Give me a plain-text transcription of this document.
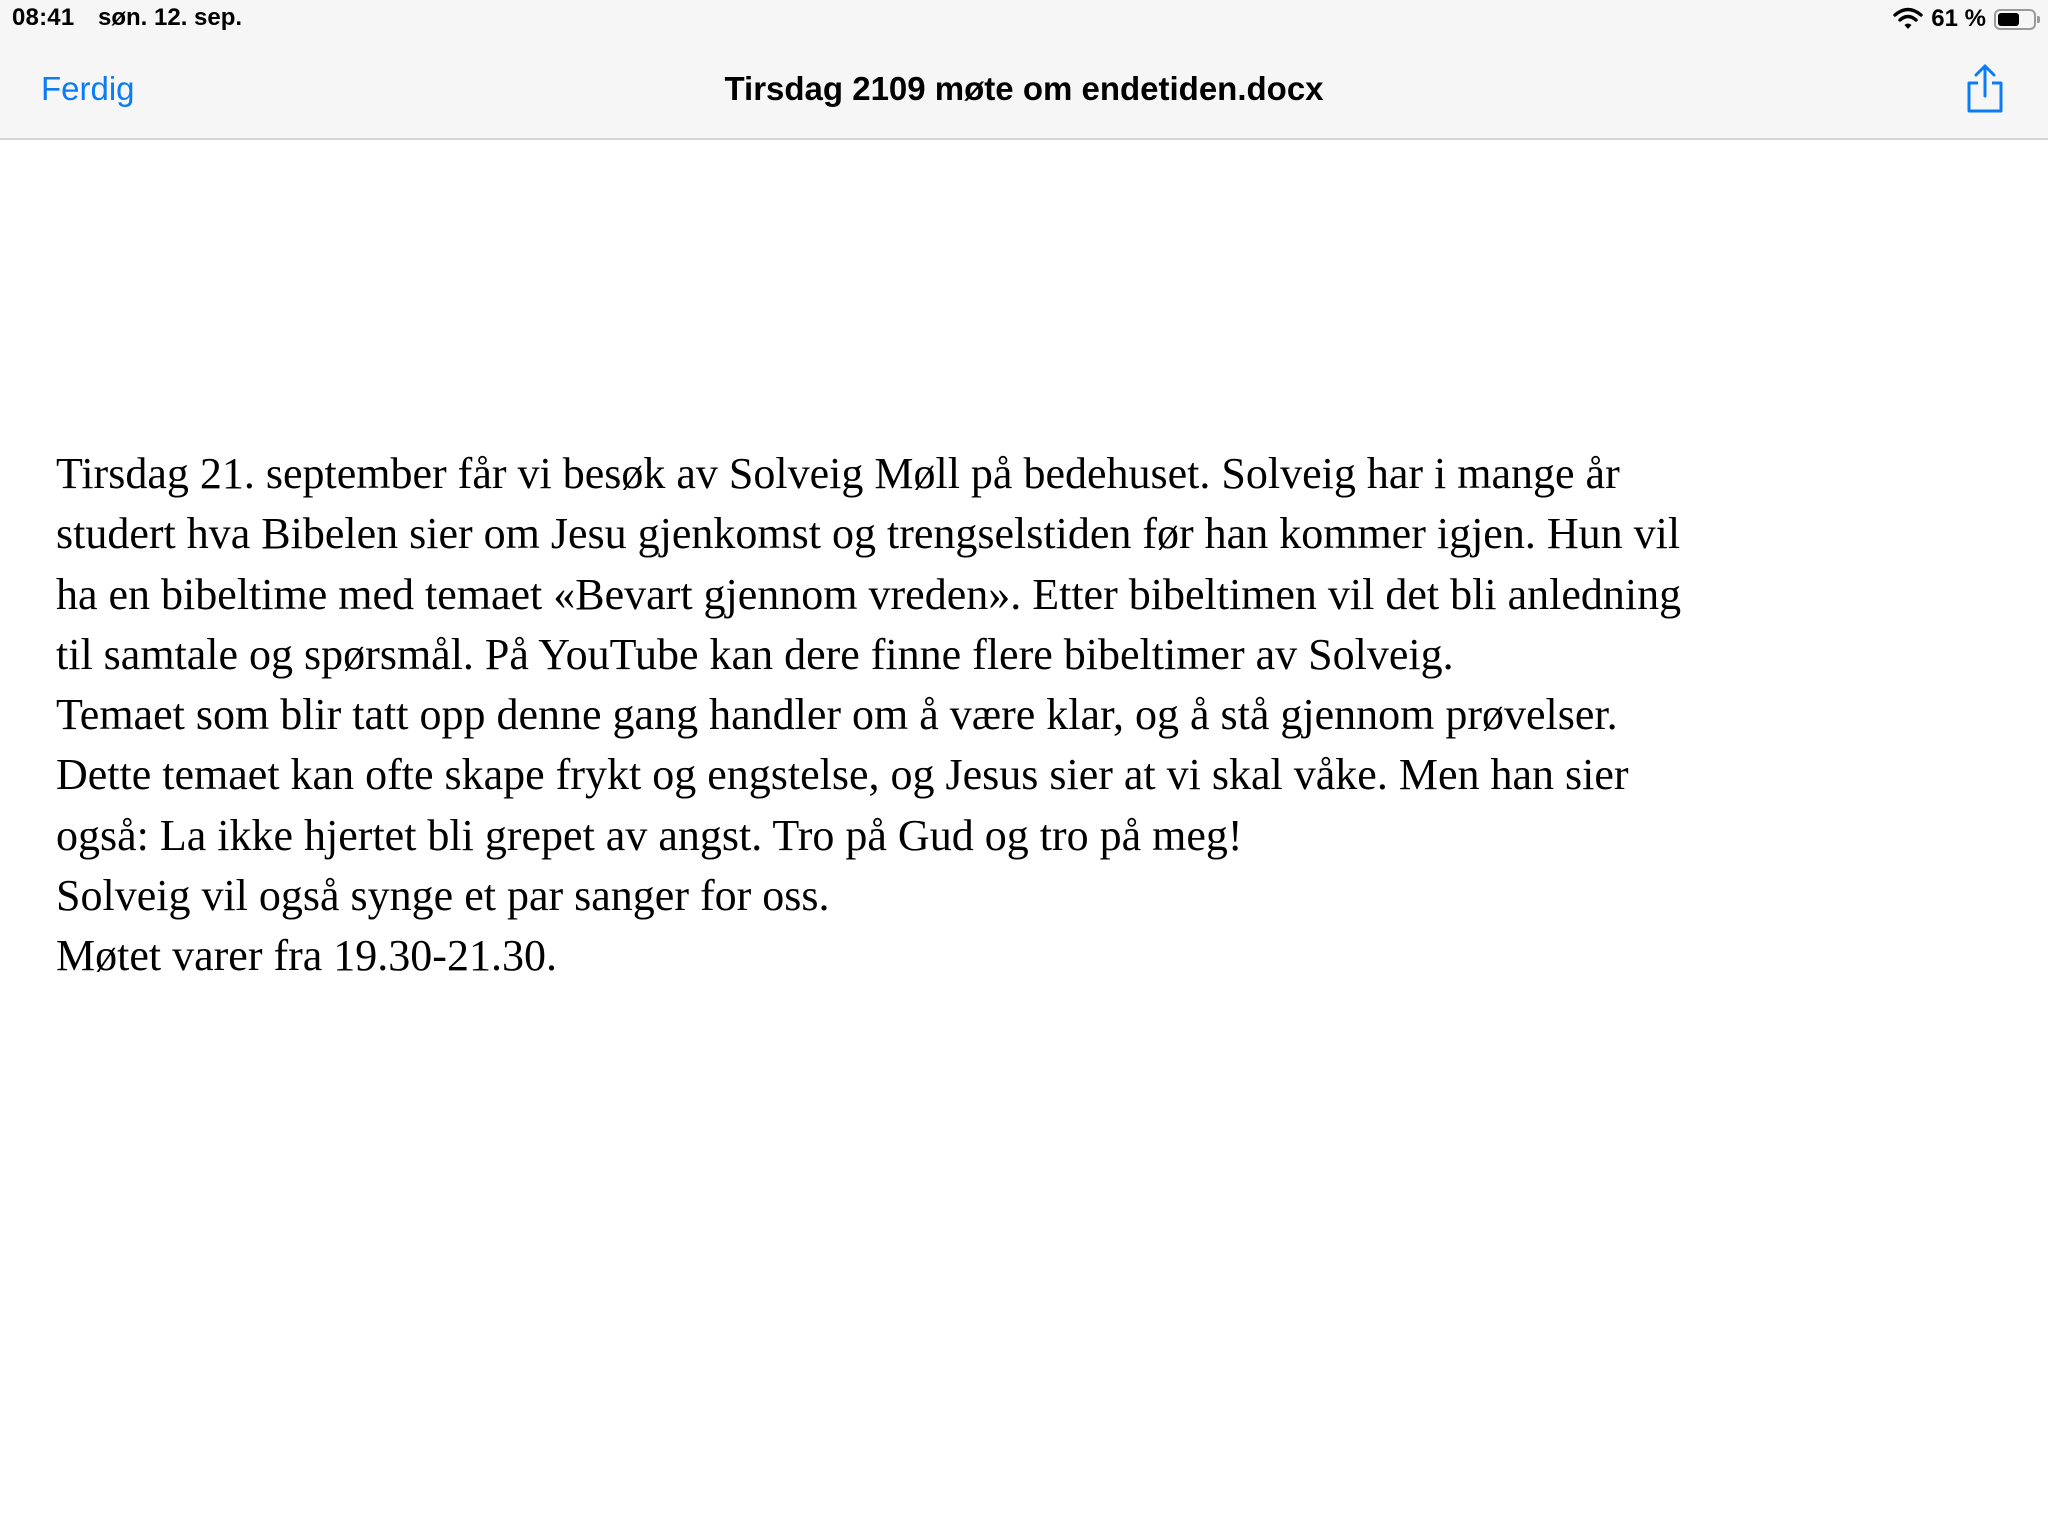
08:41 søn. 12. sep.	61 %
Ferdig	Tirsdag 2109 møte om endetiden.docx

Tirsdag 21. september får vi besøk av Solveig Møll på bedehuset. Solveig har i mange år

studert hva Bibelen sier om Jesu gjenkomst og trengselstiden før han kommer igjen. Hun vil

ha en bibeltime med temaet «Bevart gjennom vreden». Etter bibeltimen vil det bli anledning

til samtale og spørsmål. På YouTube kan dere finne flere bibeltimer av Solveig.

Temaet som blir tatt opp denne gang handler om å være klar, og å stå gjennom prøvelser.

Dette temaet kan ofte skape frykt og engstelse, og Jesus sier at vi skal våke. Men han sier

også: La ikke hjertet bli grepet av angst. Tro på Gud og tro på meg!

Solveig vil også synge et par sanger for oss.

Møtet varer fra 19.30-21.30.
